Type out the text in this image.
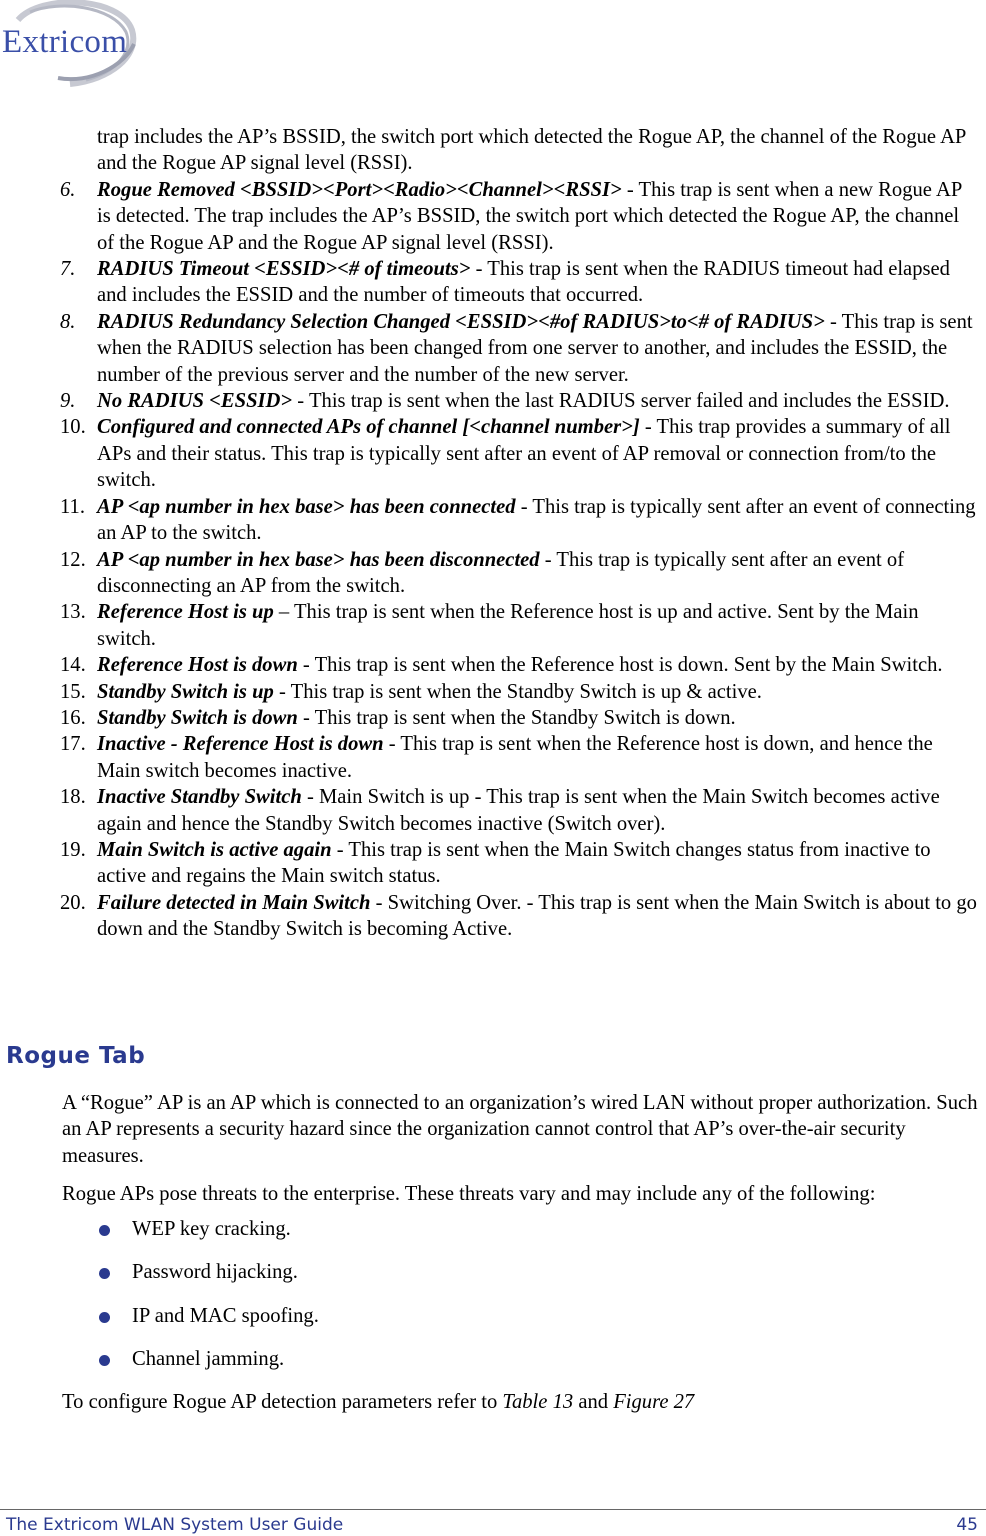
Extricom
trap includes the AP’s BSSID, the switch port which detected the Rogue AP, the channel of the Rogue AP and the Rogue AP signal level (RSSI).
6. Rogue Removed <BSSID><Port><Radio><Channel><RSSI> - This trap is sent when a new Rogue AP is detected. The trap includes the AP’s BSSID, the switch port which detected the Rogue AP, the channel of the Rogue AP and the Rogue AP signal level (RSSI).
7. RADIUS Timeout <ESSID><# of timeouts> - This trap is sent when the RADIUS timeout had elapsed and includes the ESSID and the number of timeouts that occurred.
8. RADIUS Redundancy Selection Changed <ESSID><#of RADIUS>to<# of RADIUS> - This trap is sent when the RADIUS selection has been changed from one server to another, and includes the ESSID, the number of the previous server and the number of the new server.
9. No RADIUS <ESSID> - This trap is sent when the last RADIUS server failed and includes the ESSID.
10. Configured and connected APs of channel [<channel number>] - This trap provides a summary of all APs and their status. This trap is typically sent after an event of AP removal or connection from/to the switch.
11. AP <ap number in hex base> has been connected - This trap is typically sent after an event of connecting an AP to the switch.
12. AP <ap number in hex base> has been disconnected - This trap is typically sent after an event of disconnecting an AP from the switch.
13. Reference Host is up – This trap is sent when the Reference host is up and active. Sent by the Main switch.
14. Reference Host is down - This trap is sent when the Reference host is down. Sent by the Main Switch.
15. Standby Switch is up - This trap is sent when the Standby Switch is up & active.
16. Standby Switch is down - This trap is sent when the Standby Switch is down.
17. Inactive - Reference Host is down - This trap is sent when the Reference host is down, and hence the Main switch becomes inactive.
18. Inactive Standby Switch - Main Switch is up - This trap is sent when the Main Switch becomes active again and hence the Standby Switch becomes inactive (Switch over).
19. Main Switch is active again - This trap is sent when the Main Switch changes status from inactive to active and regains the Main switch status.
20. Failure detected in Main Switch - Switching Over. - This trap is sent when the Main Switch is about to go down and the Standby Switch is becoming Active.
Rogue Tab

A “Rogue” AP is an AP which is connected to an organization’s wired LAN without proper authorization. Such an AP represents a security hazard since the organization cannot control that AP’s over-the-air security measures.

Rogue APs pose threats to the enterprise. These threats vary and may include any of the following:

WEP key cracking.
Password hijacking.
IP and MAC spoofing.
Channel jamming.

To configure Rogue AP detection parameters refer to Table 13 and Figure 27

The Extricom WLAN System User Guide	45
